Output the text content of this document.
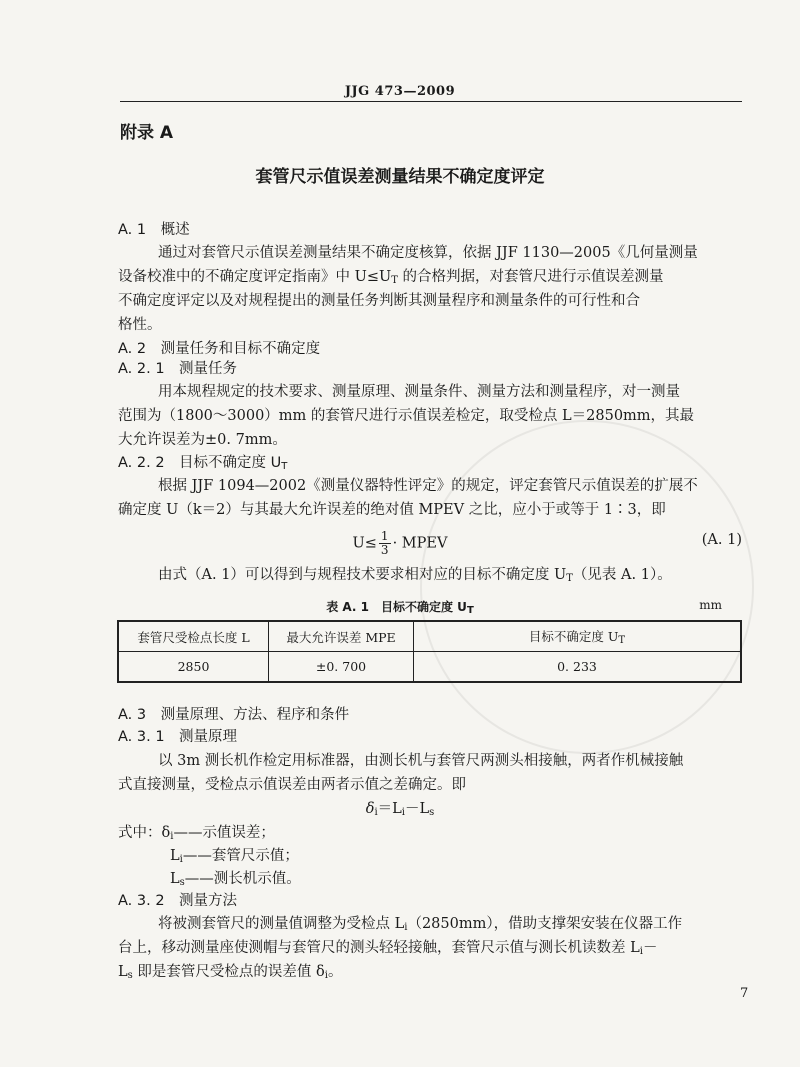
JJG 473—2009
附录 A
套管尺示值误差测量结果不确定度评定
A. 1　概述
通过对套管尺示值误差测量结果不确定度核算，依据 JJF 1130—2005《几何量测量
设备校准中的不确定度评定指南》中 $U\le U_T$ 的合格判据，对套管尺进行示值误差测量
不确定度评定以及对规程提出的测量任务判断其测量程序和测量条件的可行性和合
格性。
A. 2　测量任务和目标不确定度
A. 2. 1　测量任务
用本规程规定的技术要求、测量原理、测量条件、测量方法和测量程序，对一测量
范围为（1800～3000）mm 的套管尺进行示值误差检定，取受检点 L＝2850mm，其最
大允许误差为±0. 7mm。
A. 2. 2　目标不确定度 $U_T$
根据 JJF 1094—2002《测量仪器特性评定》的规定，评定套管尺示值误差的扩展不
确定度 U（k＝2）与其最大允许误差的绝对值 MPEV 之比，应小于或等于 1∶3，即
$U\le \frac{1}{3}$ · MPEV	(A. 1)
由式（A. 1）可以得到与规程技术要求相对应的目标不确定度 $U_T$（见表 A. 1）。
表 A. 1　目标不确定度 $U_T$	mm
套管尺受检点长度 L	最大允许误差 MPE	目标不确定度 $U_T$
2850	±0. 700	0. 233
A. 3　测量原理、方法、程序和条件
A. 3. 1　测量原理
以 3m 测长机作检定用标准器，由测长机与套管尺两测头相接触，两者作机械接触
式直接测量，受检点示值误差由两者示值之差确定。即
$\delta_i=L_i-L_s$
式中：$\delta_i——$示值误差；
$L_i——$套管尺示值；
$L_s——$测长机示值。
A. 3. 2　测量方法
将被测套管尺的测量值调整为受检点 $L_i(2850mm)$，借助支撑架安装在仪器工作
台上，移动测量座使测帽与套管尺的测头轻轻接触，套管尺示值与测长机读数差 $L_i-$
$L_s$ 即是套管尺受检点的误差值 $\delta_i$。
7
